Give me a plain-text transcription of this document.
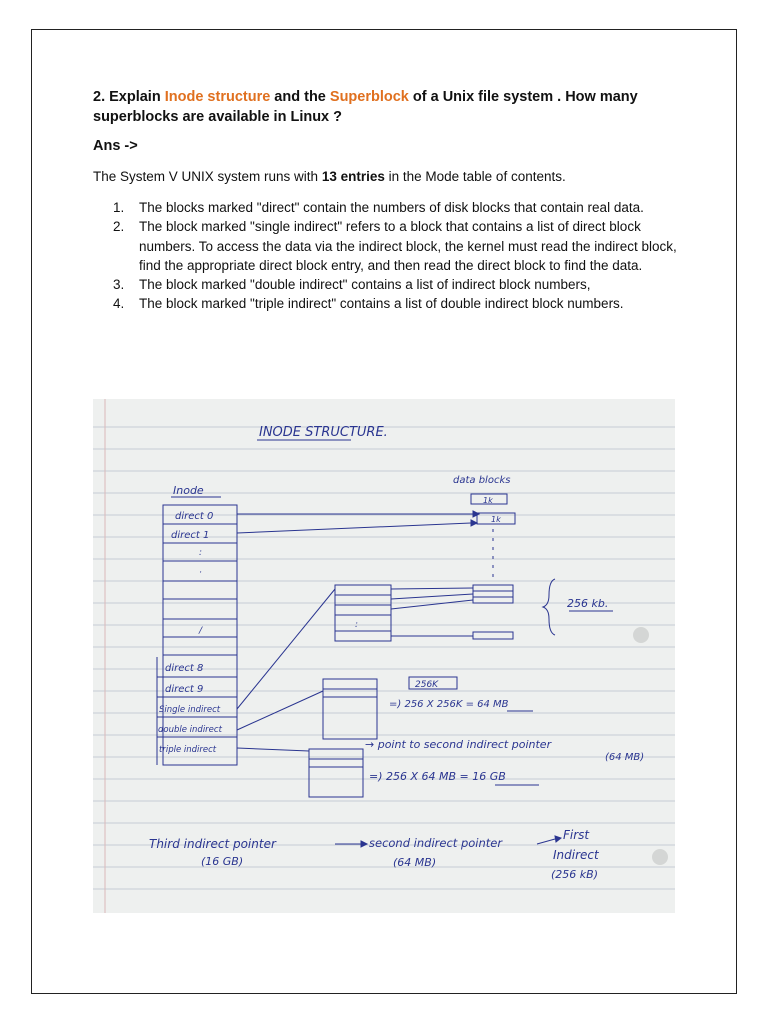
2. Explain Inode structure and the Superblock of a Unix file system . How many superblocks are available in Linux ?
Ans ->
The System V UNIX system runs with 13 entries in the Mode table of contents.
1. The blocks marked "direct" contain the numbers of disk blocks that contain real data.
2. The block marked "single indirect" refers to a block that contains a list of direct block numbers. To access the data via the indirect block, the kernel must read the indirect block, find the appropriate direct block entry, and then read the direct block to find the data.
3. The block marked "double indirect" contains a list of indirect block numbers,
4. The block marked "triple indirect" contains a list of double indirect block numbers.
INODE STRUCTURE.
Inode
direct 0
direct 1
:
·
/
direct 8
direct 9
Single indirect
double indirect
triple indirect
data blocks
1k
1k
256 kb.
:
256K
=) 256 X 256K = 64 MB
→ point to second indirect pointer
(64 MB)
=) 256 X 64 MB = 16 GB
Third indirect pointer
(16 GB)
second indirect pointer
(64 MB)
First
Indirect
(256 kB)
